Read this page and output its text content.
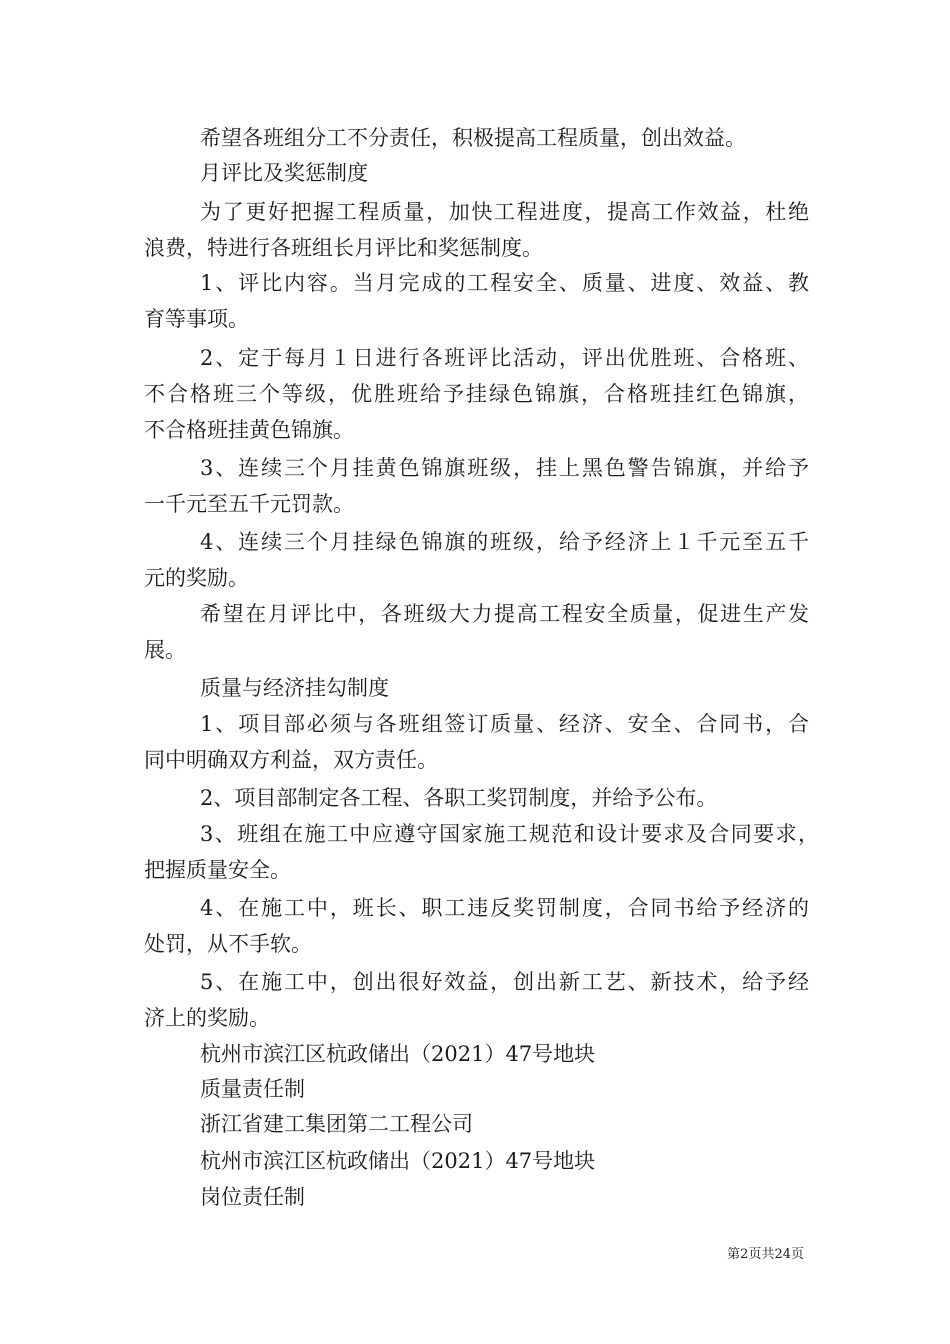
希望各班组分工不分责任，积极提高工程质量，创出效益。

月评比及奖惩制度

为了更好把握工程质量，加快工程进度，提高工作效益，杜绝

浪费，特进行各班组长月评比和奖惩制度。

1、评比内容。当月完成的工程安全、质量、进度、效益、教

育等事项。

2、定于每月１日进行各班评比活动，评出优胜班、合格班、

不合格班三个等级，优胜班给予挂绿色锦旗，合格班挂红色锦旗，

不合格班挂黄色锦旗。

3、连续三个月挂黄色锦旗班级，挂上黑色警告锦旗，并给予

一千元至五千元罚款。

4、连续三个月挂绿色锦旗的班级，给予经济上１千元至五千

元的奖励。

希望在月评比中，各班级大力提高工程安全质量，促进生产发

展。

质量与经济挂勾制度

1、项目部必须与各班组签订质量、经济、安全、合同书，合

同中明确双方利益，双方责任。

2、项目部制定各工程、各职工奖罚制度，并给予公布。

3、班组在施工中应遵守国家施工规范和设计要求及合同要求，

把握质量安全。

4、在施工中，班长、职工违反奖罚制度，合同书给予经济的

处罚，从不手软。

5、在施工中，创出很好效益，创出新工艺、新技术，给予经

济上的奖励。

杭州市滨江区杭政储出（2021）47号地块

质量责任制

浙江省建工集团第二工程公司

杭州市滨江区杭政储出（2021）47号地块

岗位责任制

第2页共24页
